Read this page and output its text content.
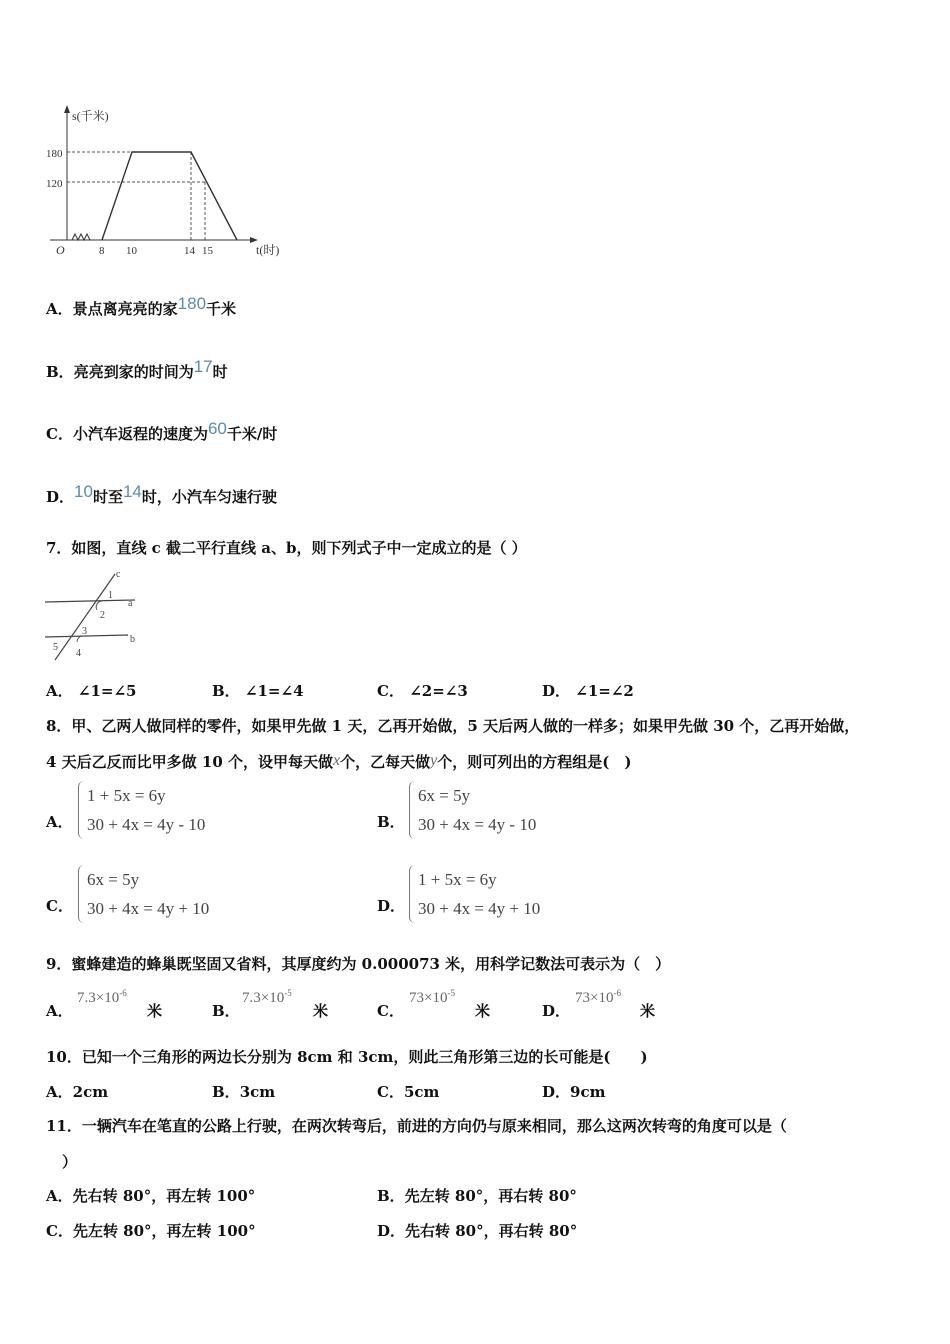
s(千米)
t(时)
O
180
120
8 10	14 15
A．景点离亮亮的家180千米
B．亮亮到家的时间为17时
C．小汽车返程的速度为60千米/时
D．10时至14时，小汽车匀速行驶
7．如图，直线 c 截二平行直线 a、b，则下列式子中一定成立的是（ ）
c
a
b
1
2
3
4
5
A． ∠1=∠5	B． ∠1=∠4	C． ∠2=∠3	D． ∠1=∠2
8．甲、乙两人做同样的零件，如果甲先做 1 天，乙再开始做，5 天后两人做的一样多；如果甲先做 30 个，乙再开始做，
4 天后乙反而比甲多做 10 个，设甲每天做x个，乙每天做y个，则可列出的方程组是(　)
A．
1 + 5x = 6y
30 + 4x = 4y - 10	B．
6x = 5y
30 + 4x = 4y - 10
C．
6x = 5y
30 + 4x = 4y + 10	D．
1 + 5x = 6y
30 + 4x = 4y + 10
9．蜜蜂建造的蜂巢既坚固又省料，其厚度约为 0.000073 米，用科学记数法可表示为（　）
A．
$7.3\times 10^{-6}$
米	B．
$7.3\times 10^{-5}$
米	C．
$73\times 10^{-5}$
米	D．
$73\times 10^{-6}$
米
10．已知一个三角形的两边长分别为 8cm 和 3cm，则此三角形第三边的长可能是(　　)
A．2cm	B．3cm	C．5cm	D．9cm
11．一辆汽车在笔直的公路上行驶，在两次转弯后，前进的方向仍与原来相同，那么这两次转弯的角度可以是（
）
A．先右转 80°，再左转 100°	B．先左转 80°，再右转 80°
C．先左转 80°，再左转 100°	D．先右转 80°，再右转 80°
